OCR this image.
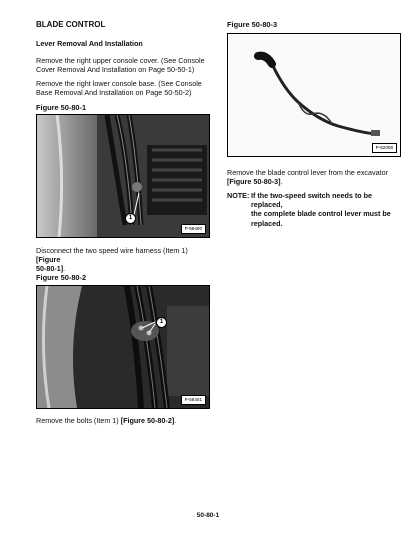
BLADE CONTROL
Lever Removal And Installation
Remove the right upper console cover. (See Console
Cover Removal And Installation on Page 50-50-1)
Remove the right lower console base. (See Console
Base Removal And Installation on Page 50-50-2)
Figure 50-80-1
1
P-58400
Disconnect the two speed wire harness (Item 1) [Figure
50-80-1].
Figure 50-80-2
1
P-58401
Remove the bolts (Item 1) [Figure 50-80-2].
Figure 50-80-3
P-52008
Remove the blade control lever from the excavator
[Figure 50-80-3].
NOTE: If the two-speed switch needs to be replaced,
the complete blade control lever must be
replaced.
50-80-1
